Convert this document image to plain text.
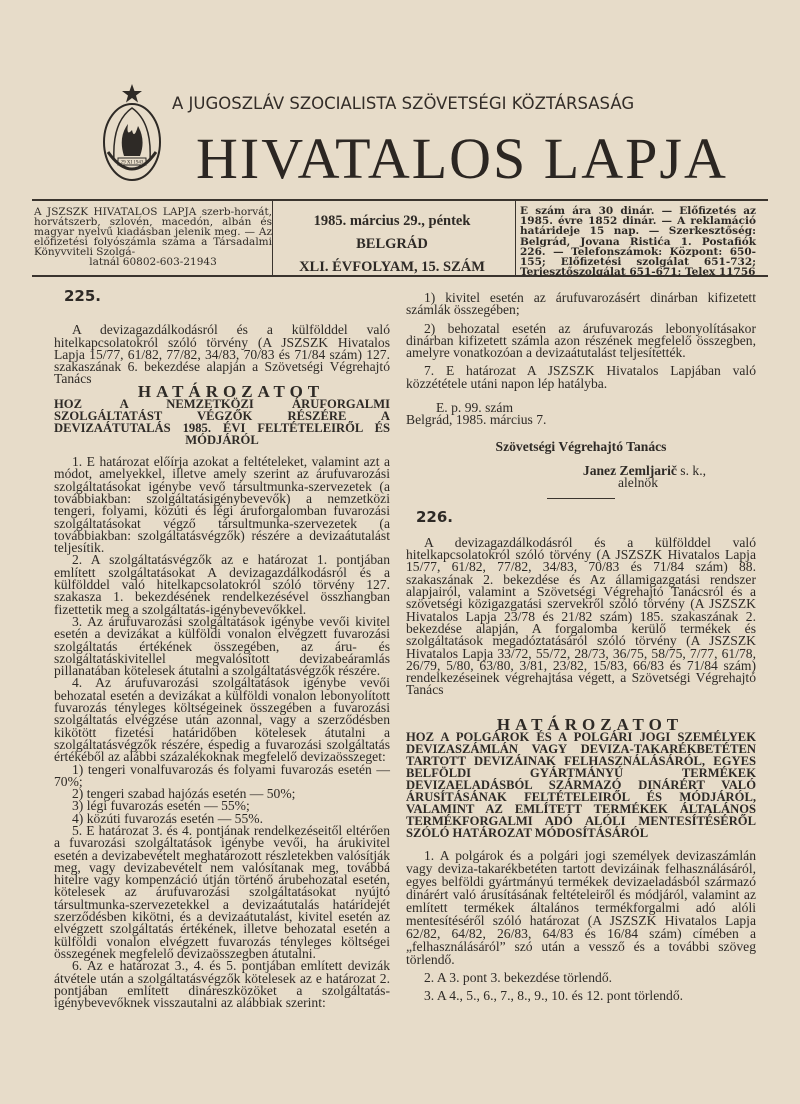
29 XI 1943
A JUGOSZLÁV SZOCIALISTA SZÖVETSÉGI KÖZTÁRSASÁG
HIVATALOS LAPJA
A JSZSZK HIVATALOS LAPJA szerb-horvát, horvátszerb, szlovén, macedón, albán és magyar nyelvű kiadásban jelenik meg. — Az előfizetési folyószámla száma a Társadalmi Könyvviteli Szolgá-
latnál 60802-603-21943
1985. március 29., péntek
BELGRÁD
XLI. ÉVFOLYAM, 15. SZÁM
E szám ára 30 dinár. — Előfizetés az 1985. évre 1852 dinár. — A reklamáció határideje 15 nap. — Szerkesztőség: Belgrád, Jovana Ristića 1. Postafiók 226. — Telefonszámok: Központ: 650-155; Előfizetési szolgálat 651-732; Terjesztőszolgálat 651-671; Telex 11756

225.

A devizagazdálkodásról és a külfölddel való hitelkapcsolatokról szóló törvény (A JSZSZK Hivatalos Lapja 15/77, 61/82, 77/82, 34/83, 70/83 és 71/84 szám) 127. szakaszának 6. bekezdése alapján a Szövetségi Végrehajtó Tanács

HATÁROZATOT

HOZ A NEMZETKÖZI ÁRUFORGALMI SZOLGÁLTATÁST VÉGZŐK RÉSZÉRE A DEVIZAÁTUTALÁS 1985. ÉVI FELTÉTELEIRŐL ÉS MÓDJÁRÓL

1. E határozat előírja azokat a feltételeket, valamint azt a módot, amelyekkel, illetve amely szerint az árufuvarozási szolgáltatásokat igénybe vevő társultmunka-szervezetek (a továbbiakban: szolgáltatásigénybevevők) a nemzetközi tengeri, folyami, közúti és légi áruforgalomban fuvarozási szolgáltatásokat végző társultmunka-szervezetek (a továbbiakban: szolgáltatásvégzők) részére a devizaátutalást teljesítik.

2. A szolgáltatásvégzők az e határozat 1. pontjában említett szolgáltatásokat A devizagazdálkodásról és a külfölddel való hitelkapcsolatokról szóló törvény 127. szakasza 1. bekezdésének rendelkezésével összhangban fizettetik meg a szolgáltatás-igénybevevőkkel.

3. Az árufuvarozási szolgáltatások igénybe vevői kivitel esetén a devizákat a külföldi vonalon elvégzett fuvarozási szolgáltatás értékének összegében, az áru- és szolgáltatáskivitellel megvalósított devizabeáramlás pillanatában kötelesek átutalni a szolgáltatásvégzők részére.

4. Az árufuvarozási szolgáltatások igénybe vevői behozatal esetén a devizákat a külföldi vonalon lebonyolított fuvarozás tényleges költségeinek összegében a fuvarozási szolgáltatás elvégzése után azonnal, vagy a szerződésben kikötött fizetési határidőben kötelesek átutalni a szolgáltatásvégzők részére, éspedig a fuvarozási szolgáltatás értékéből az alábbi százalékoknak megfelelő devizaösszeget:

1) tengeri vonalfuvarozás és folyami fuvarozás esetén — 70%;

2) tengeri szabad hajózás esetén — 50%;

3) légi fuvarozás esetén — 55%;

4) közúti fuvarozás esetén — 55%.

5. E határozat 3. és 4. pontjának rendelkezéseitől eltérően a fuvarozási szolgáltatások igénybe vevői, ha árukivitel esetén a devizabevételt meghatározott részletekben valósítják meg, vagy devizabevételt nem valósítanak meg, továbbá hitelre vagy kompenzáció útján történő árubehozatal esetén, kötelesek az árufuvarozási szolgáltatásokat nyújtó társultmunka-szervezetekkel a devizaátutalás határidejét szerződésben kikötni, és a devizaátutalást, kivitel esetén az elvégzett szolgáltatás értékének, illetve behozatal esetén a külföldi vonalon elvégzett fuvarozás tényleges költségei összegének megfelelő devizaösszegben átutalni.

6. Az e határozat 3., 4. és 5. pontjában említett devizák átvétele után a szolgáltatásvégzők kötelesek az e határozat 2. pontjában említett dináreszközöket a szolgáltatás-igénybevevőknek visszautalni az alábbiak szerint:

1) kivitel esetén az árufuvarozásért dinárban kifizetett számlák összegében;

2) behozatal esetén az árufuvarozás lebonyolításakor dinárban kifizetett számla azon részének megfelelő összegben, amelyre vonatkozóan a devizaátutalást teljesítették.

7. E határozat A JSZSZK Hivatalos Lapjában való közzététele utáni napon lép hatályba.

E. p. 99. szám

Belgrád, 1985. március 7.

Szövetségi Végrehajtó Tanács

Janez Zemljarič s. k.,

alelnök

226.

A devizagazdálkodásról és a külfölddel való hitelkapcsolatokról szóló törvény (A JSZSZK Hivatalos Lapja 15/77, 61/82, 77/82, 34/83, 70/83 és 71/84 szám) 88. szakaszának 2. bekezdése és Az államigazgatási rendszer alapjairól, valamint a Szövetségi Végrehajtó Tanácsról és a szövetségi közigazgatási szervekről szóló törvény (A JSZSZK Hivatalos Lapja 23/78 és 21/82 szám) 185. szakaszának 2. bekezdése alapján, A forgalomba kerülő termékek és szolgáltatások megadóztatásáról szóló törvény (A JSZSZK Hivatalos Lapja 33/72, 55/72, 28/73, 36/75, 58/75, 7/77, 61/78, 26/79, 5/80, 63/80, 3/81, 23/82, 15/83, 66/83 és 71/84 szám) rendelkezéseinek végrehajtása végett, a Szövetségi Végrehajtó Tanács

HATÁROZATOT

HOZ A POLGÁROK ÉS A POLGÁRI JOGI SZEMÉLYEK DEVIZASZÁMLÁN VAGY DEVIZA-TAKARÉKBETÉTEN TARTOTT DEVIZÁINAK FELHASZNÁLÁSÁRÓL, EGYES BELFÖLDI GYÁRTMÁNYÚ TERMÉKEK DEVIZAELADÁSBÓL SZÁRMAZÓ DINÁRÉRT VALÓ ÁRUSÍTÁSÁNAK FELTÉTELEIRŐL ÉS MÓDJÁRÓL, VALAMINT AZ EMLÍTETT TERMÉKEK ÁLTALÁNOS TERMÉKFORGALMI ADÓ ALÓLI MENTESÍTÉSÉRŐL SZÓLÓ HATÁROZAT MÓDOSÍTÁSÁRÓL

1. A polgárok és a polgári jogi személyek devizaszámlán vagy deviza-takarékbetéten tartott devizáinak felhasználásáról, egyes belföldi gyártmányú termékek devizaeladásból származó dinárért való árusításának feltételeiről és módjáról, valamint az említett termékek általános termékforgalmi adó alóli mentesítéséről szóló határozat (A JSZSZK Hivatalos Lapja 62/82, 64/82, 26/83, 64/83 és 16/84 szám) címében a „felhasználásáról” szó után a vessző és a további szöveg törlendő.

2. A 3. pont 3. bekezdése törlendő.

3. A 4., 5., 6., 7., 8., 9., 10. és 12. pont törlendő.
